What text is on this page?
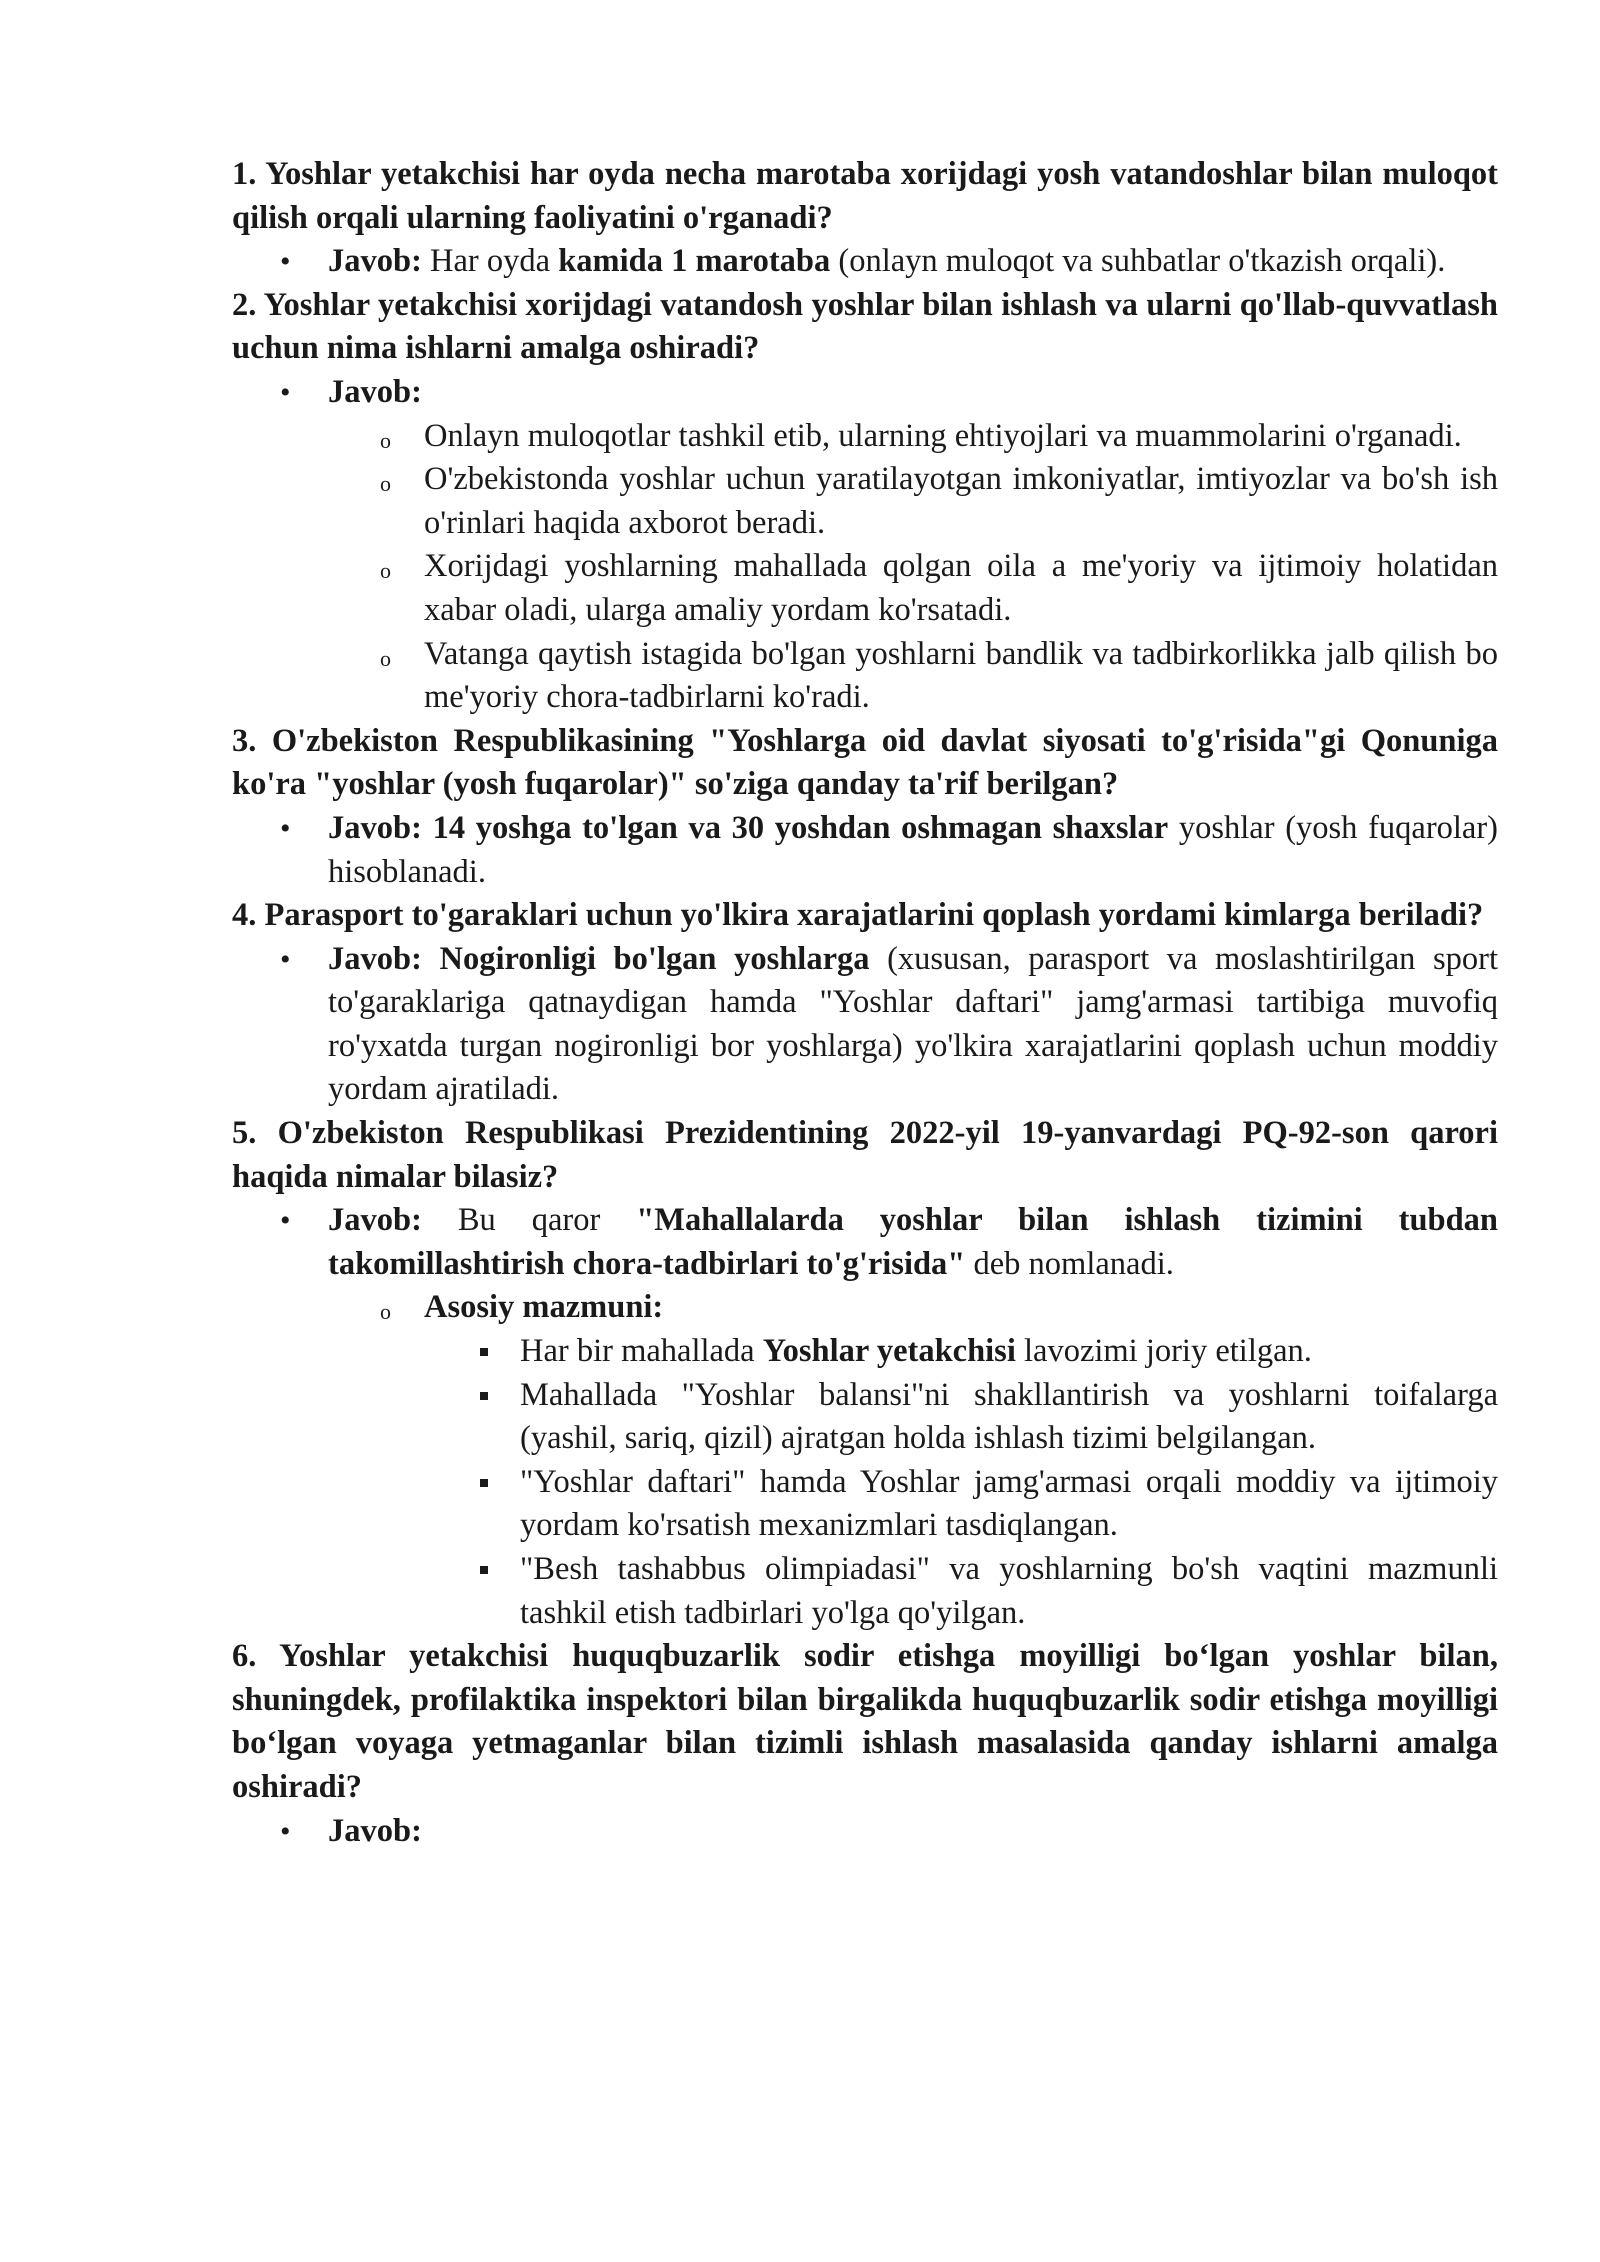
1. Yoshlar yetakchisi har oyda necha marotaba xorijdagi yosh vatandoshlar bilan muloqot qilish orqali ularning faoliyatini o'rganadi?

• Javob: Har oyda kamida 1 marotaba (onlayn muloqot va suhbatlar o'tkazish orqali).

2. Yoshlar yetakchisi xorijdagi vatandosh yoshlar bilan ishlash va ularni qo'llab-quvvatlash uchun nima ishlarni amalga oshiradi?

• Javob:
o Onlayn muloqotlar tashkil etib, ularning ehtiyojlari va muammolarini o'rganadi.
o O'zbekistonda yoshlar uchun yaratilayotgan imkoniyatlar, imtiyozlar va bo'sh ish o'rinlari haqida axborot beradi.
o Xorijdagi yoshlarning mahallada qolgan oila a me'yoriy va ijtimoiy holatidan xabar oladi, ularga amaliy yordam ko'rsatadi.
o Vatanga qaytish istagida bo'lgan yoshlarni bandlik va tadbirkorlikka jalb qilish bo me'yoriy chora-tadbirlarni ko'radi.

3. O'zbekiston Respublikasining "Yoshlarga oid davlat siyosati to'g'risida"gi Qonuniga ko'ra "yoshlar (yosh fuqarolar)" so'ziga qanday ta'rif berilgan?

• Javob: 14 yoshga to'lgan va 30 yoshdan oshmagan shaxslar yoshlar (yosh fuqarolar) hisoblanadi.

4. Parasport to'garaklari uchun yo'lkira xarajatlarini qoplash yordami kimlarga beriladi?

• Javob: Nogironligi bo'lgan yoshlarga (xususan, parasport va moslashtirilgan sport to'garaklariga qatnaydigan hamda "Yoshlar daftari" jamg'armasi tartibiga muvofiq ro'yxatda turgan nogironligi bor yoshlarga) yo'lkira xarajatlarini qoplash uchun moddiy yordam ajratiladi.

5. O'zbekiston Respublikasi Prezidentining 2022-yil 19-yanvardagi PQ-92-son qarori haqida nimalar bilasiz?

• Javob: Bu qaror "Mahallalarda yoshlar bilan ishlash tizimini tubdan takomillashtirish chora-tadbirlari to'g'risida" deb nomlanadi.
o Asosiy mazmuni:
Har bir mahallada Yoshlar yetakchisi lavozimi joriy etilgan.
Mahallada "Yoshlar balansi"ni shakllantirish va yoshlarni toifalarga (yashil, sariq, qizil) ajratgan holda ishlash tizimi belgilangan.
"Yoshlar daftari" hamda Yoshlar jamg'armasi orqali moddiy va ijtimoiy yordam ko'rsatish mexanizmlari tasdiqlangan.
"Besh tashabbus olimpiadasi" va yoshlarning bo'sh vaqtini mazmunli tashkil etish tadbirlari yo'lga qo'yilgan.

6. Yoshlar yetakchisi huquqbuzarlik sodir etishga moyilligi bo‘lgan yoshlar bilan, shuningdek, profilaktika inspektori bilan birgalikda huquqbuzarlik sodir etishga moyilligi bo‘lgan voyaga yetmaganlar bilan tizimli ishlash masalasida qanday ishlarni amalga oshiradi?

• Javob:
